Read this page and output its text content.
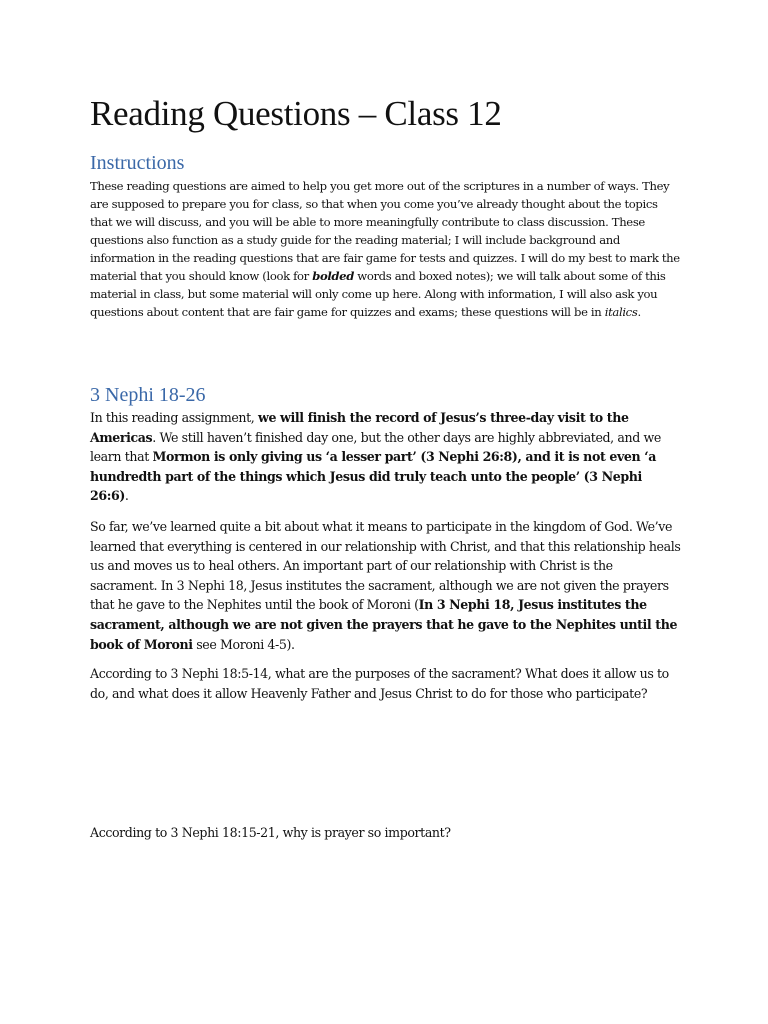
Reading Questions – Class 12
Instructions

These reading questions are aimed to help you get more out of the scriptures in a number of ways. They are supposed to prepare you for class, so that when you come you’ve already thought about the topics that we will discuss, and you will be able to more meaningfully contribute to class discussion. These questions also function as a study guide for the reading material; I will include background and information in the reading questions that are fair game for tests and quizzes. I will do my best to mark the material that you should know (look for bolded words and boxed notes); we will talk about some of this material in class, but some material will only come up here. Along with information, I will also ask you questions about content that are fair game for quizzes and exams; these questions will be in italics.

3 Nephi 18-26

In this reading assignment, we will finish the record of Jesus’s three-day visit to the Americas. We still haven’t finished day one, but the other days are highly abbreviated, and we learn that Mormon is only giving us ‘a lesser part’ (3 Nephi 26:8), and it is not even ‘a hundredth part of the things which Jesus did truly teach unto the people’ (3 Nephi 26:6).

So far, we’ve learned quite a bit about what it means to participate in the kingdom of God. We’ve learned that everything is centered in our relationship with Christ, and that this relationship heals us and moves us to heal others. An important part of our relationship with Christ is the sacrament. In 3 Nephi 18, Jesus institutes the sacrament, although we are not given the prayers that he gave to the Nephites until the book of Moroni (In 3 Nephi 18, Jesus institutes the sacrament, although we are not given the prayers that he gave to the Nephites until the book of Moroni see Moroni 4-5).

According to 3 Nephi 18:5-14, what are the purposes of the sacrament? What does it allow us to do, and what does it allow Heavenly Father and Jesus Christ to do for those who participate?

According to 3 Nephi 18:15-21, why is prayer so important?
